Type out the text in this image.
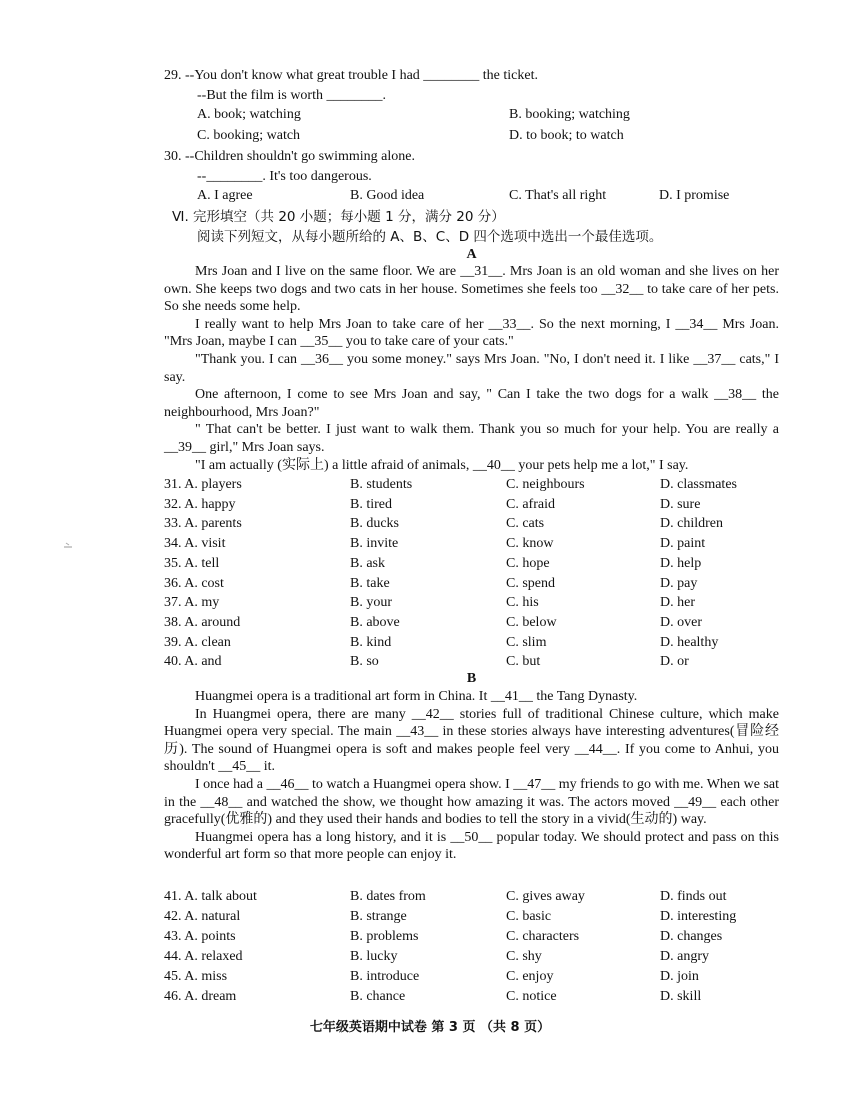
29. --You don't know what great trouble I had ________ the ticket.
--But the film is worth ________.
A. book; watching	B. booking; watching
C. booking; watch	D. to book; to watch
30. --Children shouldn't go swimming alone.
--________. It's too dangerous.
A. I agree	B. Good idea	C. That's all right	D. I promise
Ⅵ. 完形填空（共 20 小题；每小题 1 分，满分 20 分）
阅读下列短文，从每小题所给的 A、B、C、D 四个选项中选出一个最佳选项。
A

Mrs Joan and I live on the same floor. We are __31__. Mrs Joan is an old woman and she lives on her own. She keeps two dogs and two cats in her house. Sometimes she feels too __32__ to take care of her pets. So she needs some help.

I really want to help Mrs Joan to take care of her __33__. So the next morning, I __34__ Mrs Joan. "Mrs Joan, maybe I can __35__ you to take care of your cats."

"Thank you. I can __36__ you some money." says Mrs Joan. "No, I don't need it. I like __37__ cats," I say.

One afternoon, I come to see Mrs Joan and say, " Can I take the two dogs for a walk __38__ the neighbourhood, Mrs Joan?"

" That can't be better. I just want to walk them. Thank you so much for your help. You are really a __39__ girl," Mrs Joan says.

"I am actually (实际上) a little afraid of animals, __40__ your pets help me a lot," I say.

31. A. players	B. students	C. neighbours	D. classmates
32. A. happy	B. tired	C. afraid	D. sure
33. A. parents	B. ducks	C. cats	D. children
34. A. visit	B. invite	C. know	D. paint
35. A. tell	B. ask	C. hope	D. help
36. A. cost	B. take	C. spend	D. pay
37. A. my	B. your	C. his	D. her
38. A. around	B. above	C. below	D. over
39. A. clean	B. kind	C. slim	D. healthy
40. A. and	B. so	C. but	D. or
B

Huangmei opera is a traditional art form in China. It __41__ the Tang Dynasty.

In Huangmei opera, there are many __42__ stories full of traditional Chinese culture, which make Huangmei opera very special. The main __43__ in these stories always have interesting adventures(冒险经历). The sound of Huangmei opera is soft and makes people feel very __44__. If you come to Anhui, you shouldn't __45__ it.

I once had a __46__ to watch a Huangmei opera show. I __47__ my friends to go with me. When we sat in the __48__ and watched the show, we thought how amazing it was. The actors moved __49__ each other gracefully(优雅的) and they used their hands and bodies to tell the story in a vivid(生动的) way.

Huangmei opera has a long history, and it is __50__ popular today. We should protect and pass on this wonderful art form so that more people can enjoy it.

41. A. talk about	B. dates from	C. gives away	D. finds out
42. A. natural	B. strange	C. basic	D. interesting
43. A. points	B. problems	C. characters	D. changes
44. A. relaxed	B. lucky	C. shy	D. angry
45. A. miss	B. introduce	C. enjoy	D. join
46. A. dream	B. chance	C. notice	D. skill
七年级英语期中试卷 第 3 页 （共 8 页）
